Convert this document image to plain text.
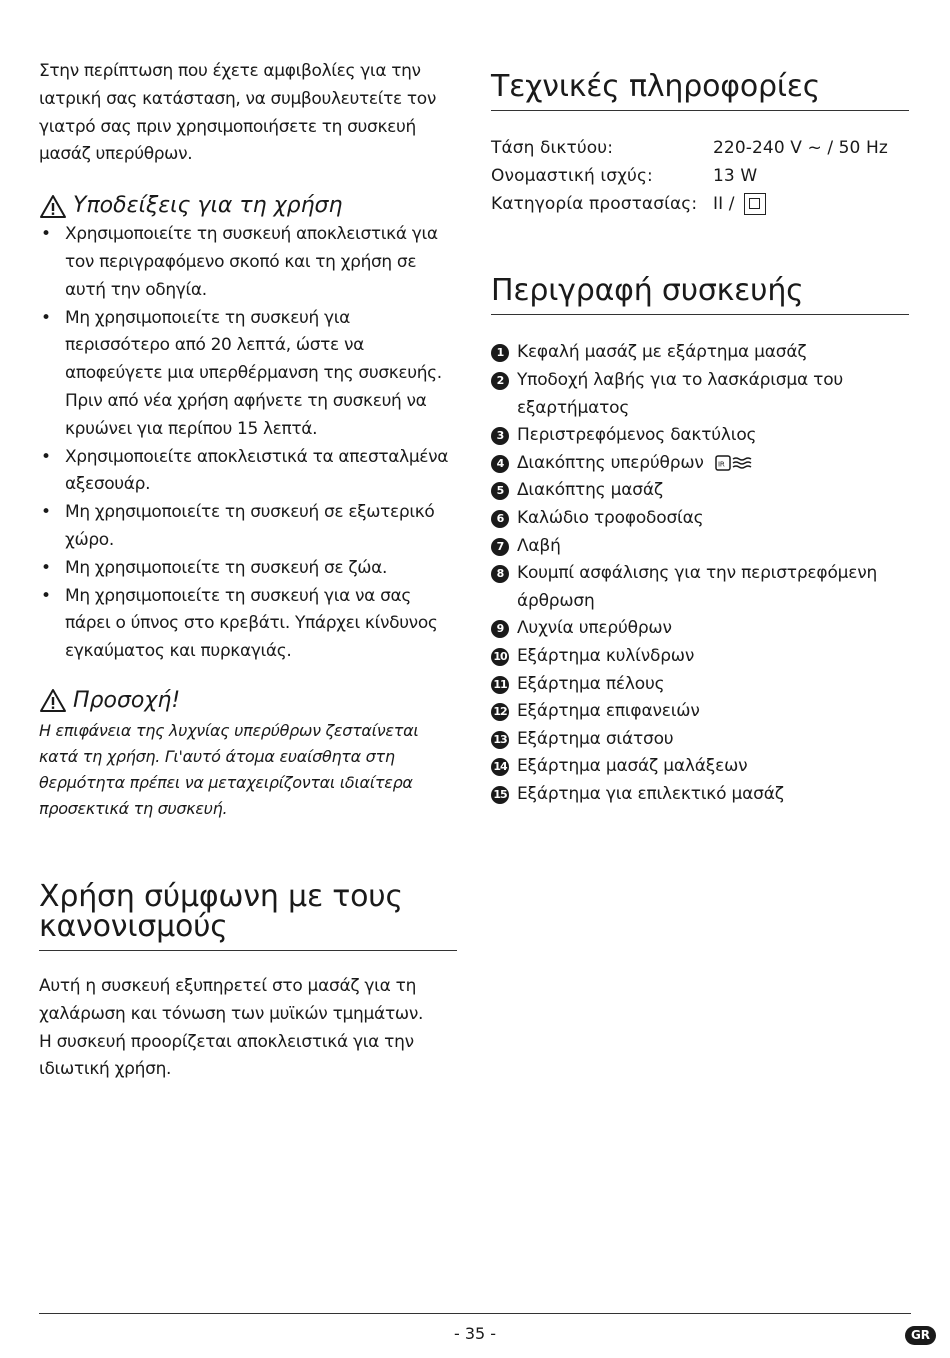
Στην περίπτωση που έχετε αμφιβολίες για την ιατρική σας κατάσταση, να συμβουλευτείτε τον γιατρό σας πριν χρησιμοποιήσετε τη συσκευή μασάζ υπερύθρων.

Υποδείξεις για τη χρήση
• Χρησιμοποιείτε τη συσκευή αποκλειστικά για τον περιγραφόμενο σκοπό και τη χρήση σε αυτή την οδηγία.
• Μη χρησιμοποιείτε τη συσκευή για περισσότερο από 20 λεπτά, ώστε να αποφεύγετε μια υπερθέρμανση της συσκευής. Πριν από νέα χρήση αφήνετε τη συσκευή να κρυώνει για περίπου 15 λεπτά.
• Χρησιμοποιείτε αποκλειστικά τα απεσταλμένα αξεσουάρ.
• Μη χρησιμοποιείτε τη συσκευή σε εξωτερικό χώρο.
• Μη χρησιμοποιείτε τη συσκευή σε ζώα.
• Μη χρησιμοποιείτε τη συσκευή για να σας πάρει ο ύπνος στο κρεβάτι. Υπάρχει κίνδυνος εγκαύματος και πυρκαγιάς.
Προσοχή!

Η επιφάνεια της λυχνίας υπερύθρων ζεσταίνεται κατά τη χρήση. Γι'αυτό άτομα ευαίσθητα στη θερμότητα πρέπει να μεταχειρίζονται ιδιαίτερα προσεκτικά τη συσκευή.

Χρήση σύμφωνη με τους
κανονισμούς

Αυτή η συσκευή εξυπηρετεί στο μασάζ για τη χαλάρωση και τόνωση των μυϊκών τμημάτων.

Η συσκευή προορίζεται αποκλειστικά για την ιδιωτική χρήση.

Τεχνικές πληροφορίες
Τάση δικτύου:	220-240 V ~ / 50 Hz
Ονομαστική ισχύς:	13 W
Κατηγορία προστασίας:	II /
Περιγραφή συσκευής
1 Κεφαλή μασάζ με εξάρτημα μασάζ
2 Υποδοχή λαβής για το λασκάρισμα του εξαρτήματος
3 Περιστρεφόμενος δακτύλιος
4 Διακόπτης υπερύθρων IR
5 Διακόπτης μασάζ
6 Καλώδιο τροφοδοσίας
7 Λαβή
8 Κουμπί ασφάλισης για την περιστρεφόμενη άρθρωση
9 Λυχνία υπερύθρων
10 Εξάρτημα κυλίνδρων
11 Εξάρτημα πέλους
12 Εξάρτημα επιφανειών
13 Εξάρτημα σιάτσου
14 Εξάρτημα μασάζ μαλάξεων
15 Εξάρτημα για επιλεκτικό μασάζ
- 35 -	GR
